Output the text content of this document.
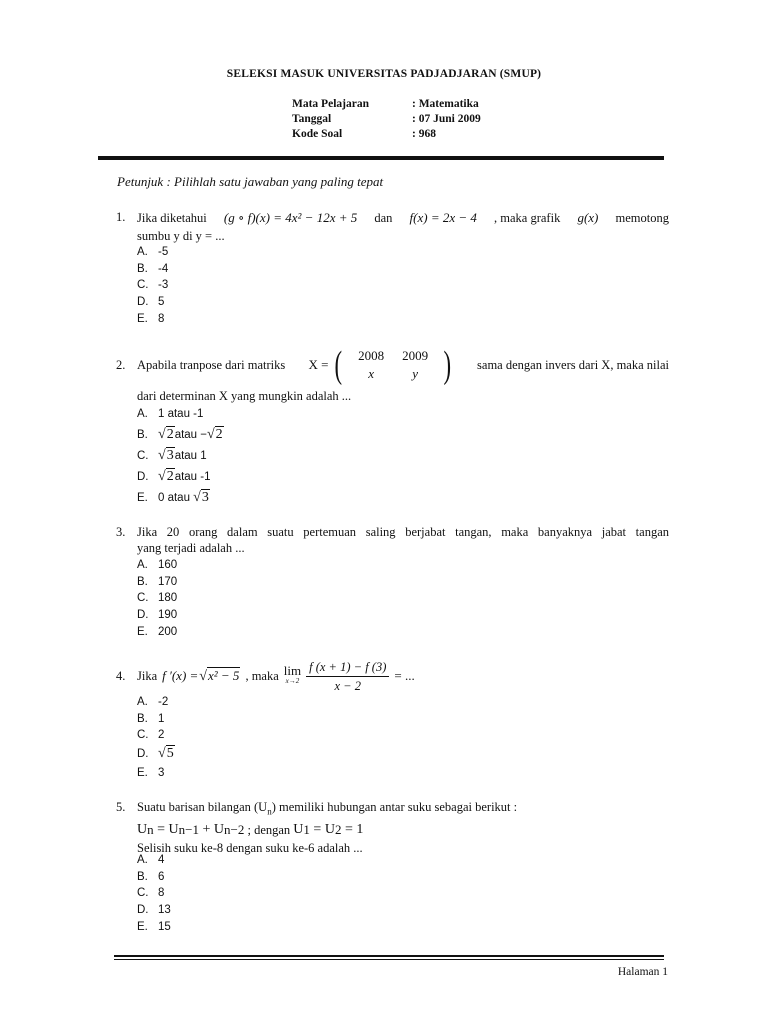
SELEKSI MASUK UNIVERSITAS PADJADJARAN (SMUP)
Mata Pelajaran	: Matematika
Tanggal	: 07 Juni 2009
Kode Soal	: 968
Petunjuk : Pilihlah satu jawaban yang paling tepat
1. Jika diketahui (g ∘ f)(x) = 4x² − 12x + 5 dan f(x) = 2x − 4 , maka grafik g(x) memotong
sumbu y di y = ...
A. -5
B. -4
C. -3
D. 5
E. 8
2. Apabila tranpose dari matriks X = (	2008	2009
x	y ) sama dengan invers dari X, maka nilai
dari determinan X yang mungkin adalah ...
A. 1 atau -1
B. √2 atau − √2
C. √3 atau 1
D. √2 atau -1
E. 0 atau √3
3. Jika 20 orang dalam suatu pertemuan saling berjabat tangan, maka banyaknya jabat tangan
yang terjadi adalah ...
A. 160
B. 170
C. 180
D. 190
E. 200
4. Jika f ′(x) = √x² − 5 , maka lim
$x\to 2 \frac{f (x + 1) - f (3)}{x - 2}$ = ...
A. -2
B. 1
C. 2
D. √5
E. 3
5. Suatu barisan bilangan $(U_n)$ memiliki hubungan antar suku sebagai berikut :
U n = U n−1 + U n−2 ; dengan U 1 = U 2 = 1
Selisih suku ke-8 dengan suku ke-6 adalah ...
A. 4
B. 6
C. 8
D. 13
E. 15
Halaman 1
